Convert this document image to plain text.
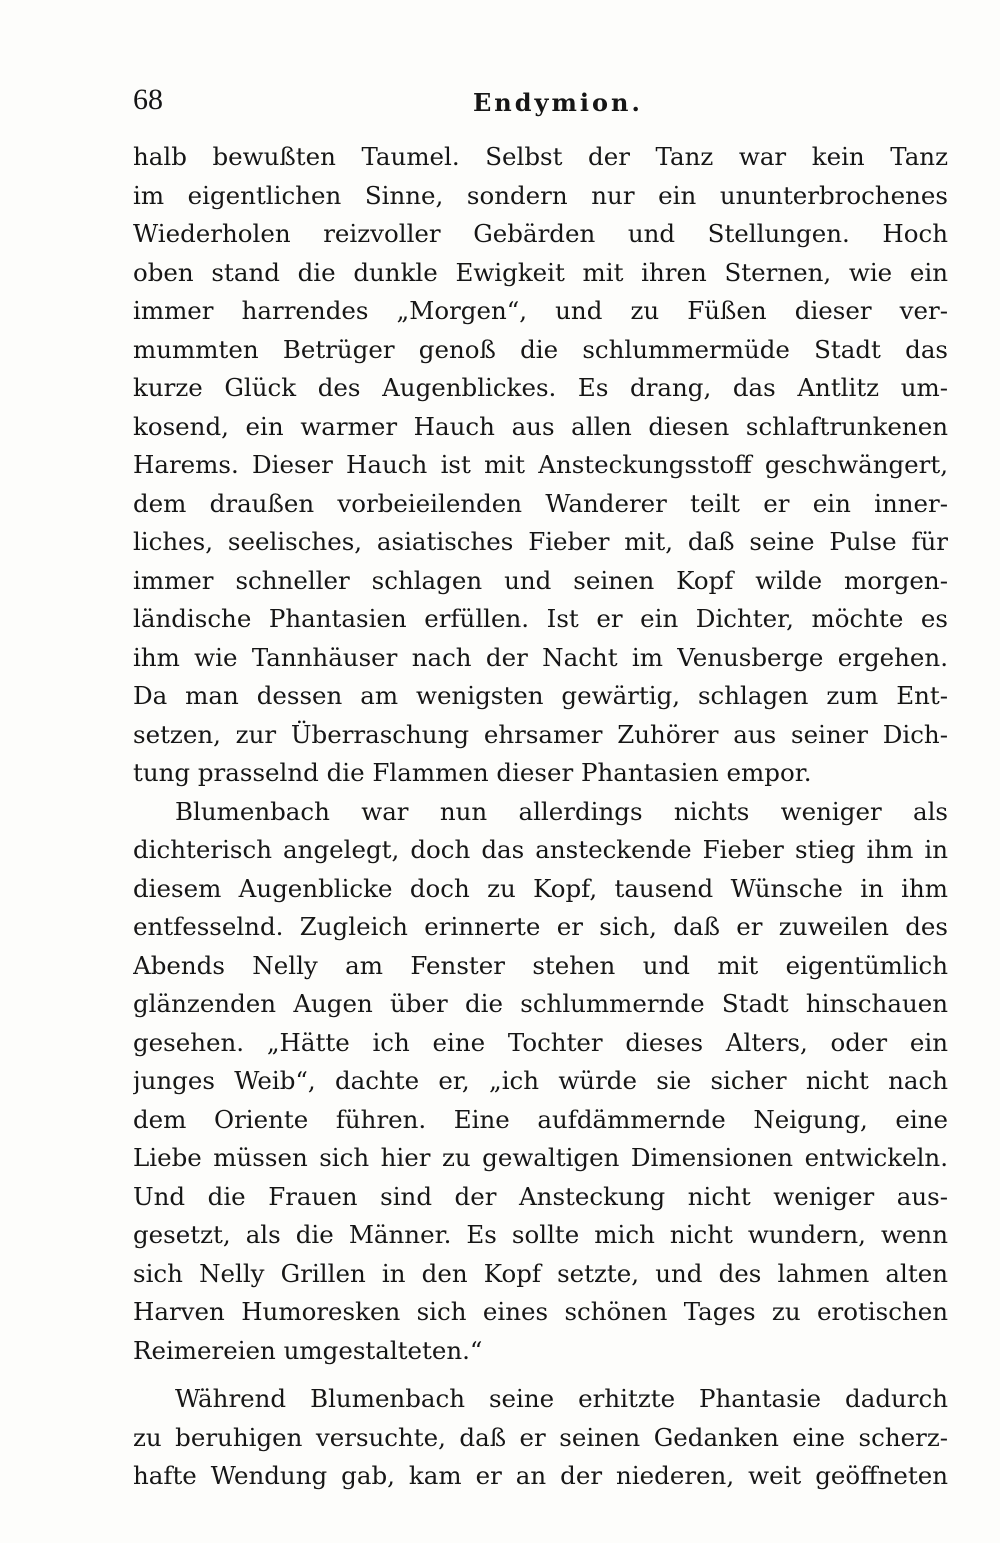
68	Endymion.
halb bewußten Taumel. Selbst der Tanz war kein Tanz
im eigentlichen Sinne, sondern nur ein ununterbrochenes
Wiederholen reizvoller Gebärden und Stellungen. Hoch
oben stand die dunkle Ewigkeit mit ihren Sternen, wie ein
immer harrendes „Morgen“, und zu Füßen dieser ver-
mummten Betrüger genoß die schlummermüde Stadt das
kurze Glück des Augenblickes. Es drang, das Antlitz um-
kosend, ein warmer Hauch aus allen diesen schlaftrunkenen
Harems. Dieser Hauch ist mit Ansteckungsstoff geschwängert,
dem draußen vorbeieilenden Wanderer teilt er ein inner-
liches, seelisches, asiatisches Fieber mit, daß seine Pulse für
immer schneller schlagen und seinen Kopf wilde morgen-
ländische Phantasien erfüllen. Ist er ein Dichter, möchte es
ihm wie Tannhäuser nach der Nacht im Venusberge ergehen.
Da man dessen am wenigsten gewärtig, schlagen zum Ent-
setzen, zur Überraschung ehrsamer Zuhörer aus seiner Dich-
tung prasselnd die Flammen dieser Phantasien empor.
Blumenbach war nun allerdings nichts weniger als
dichterisch angelegt, doch das ansteckende Fieber stieg ihm in
diesem Augenblicke doch zu Kopf, tausend Wünsche in ihm
entfesselnd. Zugleich erinnerte er sich, daß er zuweilen des
Abends Nelly am Fenster stehen und mit eigentümlich
glänzenden Augen über die schlummernde Stadt hinschauen
gesehen. „Hätte ich eine Tochter dieses Alters, oder ein
junges Weib“, dachte er, „ich würde sie sicher nicht nach
dem Oriente führen. Eine aufdämmernde Neigung, eine
Liebe müssen sich hier zu gewaltigen Dimensionen entwickeln.
Und die Frauen sind der Ansteckung nicht weniger aus-
gesetzt, als die Männer. Es sollte mich nicht wundern, wenn
sich Nelly Grillen in den Kopf setzte, und des lahmen alten
Harven Humoresken sich eines schönen Tages zu erotischen
Reimereien umgestalteten.“
Während Blumenbach seine erhitzte Phantasie dadurch
zu beruhigen versuchte, daß er seinen Gedanken eine scherz-
hafte Wendung gab, kam er an der niederen, weit geöffneten
